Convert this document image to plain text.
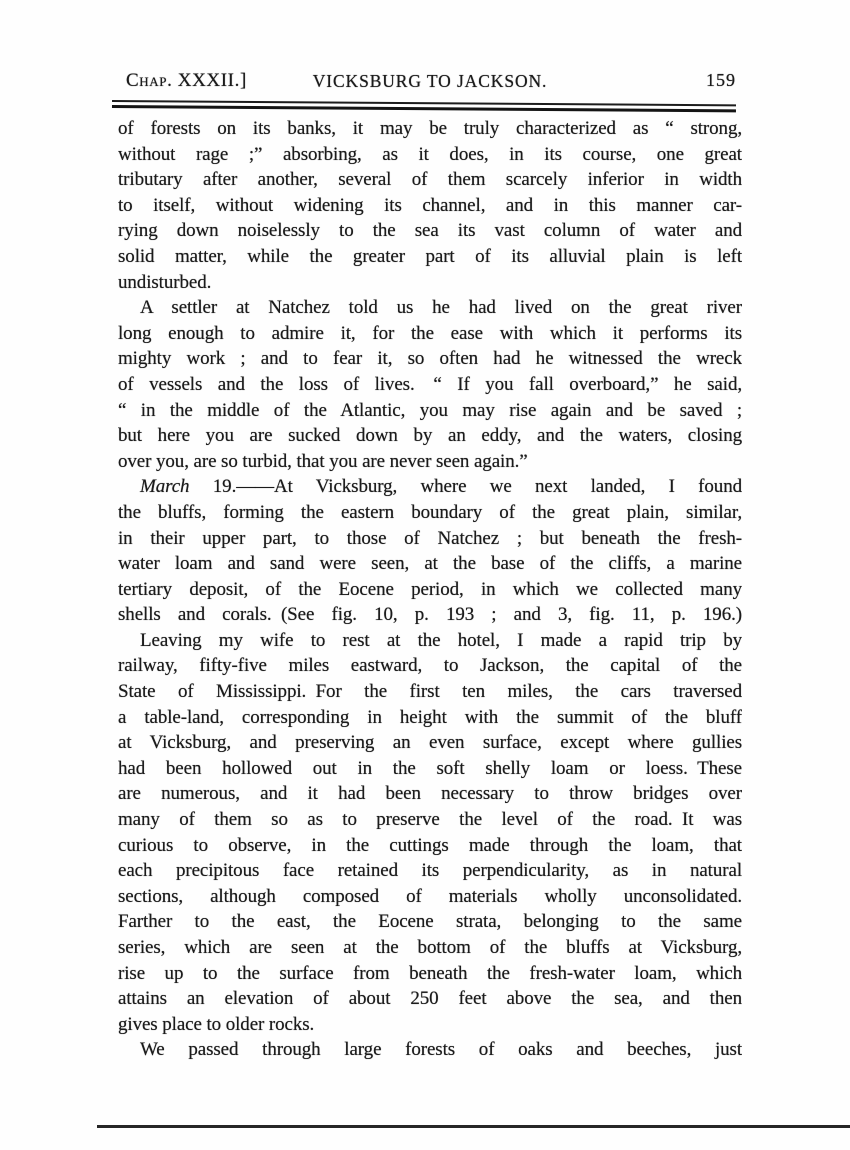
Chap. XXXII.]	VICKSBURG TO JACKSON.	159
of forests on its banks, it may be truly characterized as “ strong,
without rage ;” absorbing, as it does, in its course, one great
tributary after another, several of them scarcely inferior in width
to itself, without widening its channel, and in this manner car-
rying down noiselessly to the sea its vast column of water and
solid matter, while the greater part of its alluvial plain is left
undisturbed.
A settler at Natchez told us he had lived on the great river
long enough to admire it, for the ease with which it performs its
mighty work ; and to fear it, so often had he witnessed the wreck
of vessels and the loss of lives.  “ If you fall overboard,” he said,
“ in the middle of the Atlantic, you may rise again and be saved ;
but here you are sucked down by an eddy, and the waters, closing
over you, are so turbid, that you are never seen again.”
March 19.——At Vicksburg, where we next landed, I found
the bluffs, forming the eastern boundary of the great plain, similar,
in their upper part, to those of Natchez ; but beneath the fresh-
water loam and sand were seen, at the base of the cliffs, a marine
tertiary deposit, of the Eocene period, in which we collected many
shells and corals. (See fig. 10, p. 193 ; and 3, fig. 11, p. 196.)
Leaving my wife to rest at the hotel, I made a rapid trip by
railway, fifty-five miles eastward, to Jackson, the capital of the
State of Mississippi. For the first ten miles, the cars traversed
a table-land, corresponding in height with the summit of the bluff
at Vicksburg, and preserving an even surface, except where gullies
had been hollowed out in the soft shelly loam or loess. These
are numerous, and it had been necessary to throw bridges over
many of them so as to preserve the level of the road. It was
curious to observe, in the cuttings made through the loam, that
each precipitous face retained its perpendicularity, as in natural
sections, although composed of materials wholly unconsolidated.
Farther to the east, the Eocene strata, belonging to the same
series, which are seen at the bottom of the bluffs at Vicksburg,
rise up to the surface from beneath the fresh-water loam, which
attains an elevation of about 250 feet above the sea, and then
gives place to older rocks.
We passed through large forests of oaks and beeches, just
